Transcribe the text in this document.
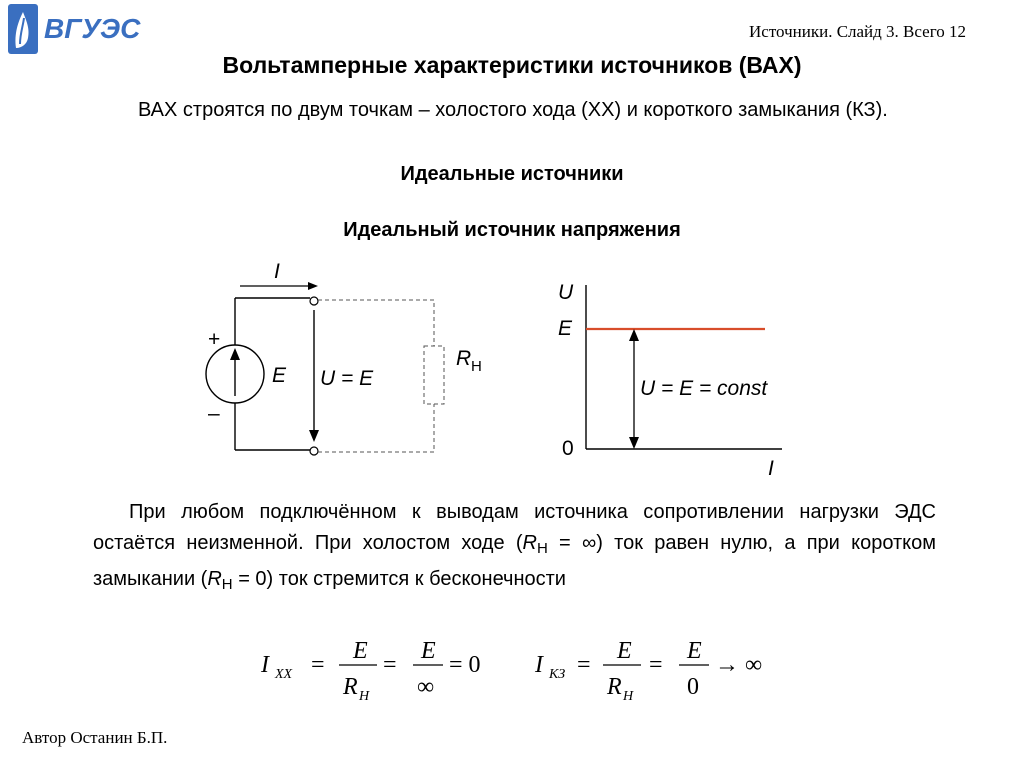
ВГУЭС	Источники. Слайд 3. Всего 12
Вольтамперные характеристики источников (ВАХ)
ВАХ строятся по двум точкам – холостого хода (ХХ) и короткого замыкания (КЗ).
Идеальные источники
Идеальный источник напряжения
I
+
–
E U = E
R Н
U
E
U = E = const
0
I
При любом подключённом к выводам источника сопротивлении нагрузки ЭДС остаётся неизменной. При холостом ходе ($R_Н$ = ∞) ток равен нулю, а при коротком замыкании $(R_Н = 0)$ ток стремится к бесконечности
I XX =
E
R H
=
E
∞
= 0 I КЗ =
E
R H
=
E
0
→ ∞
Автор Останин Б.П.
